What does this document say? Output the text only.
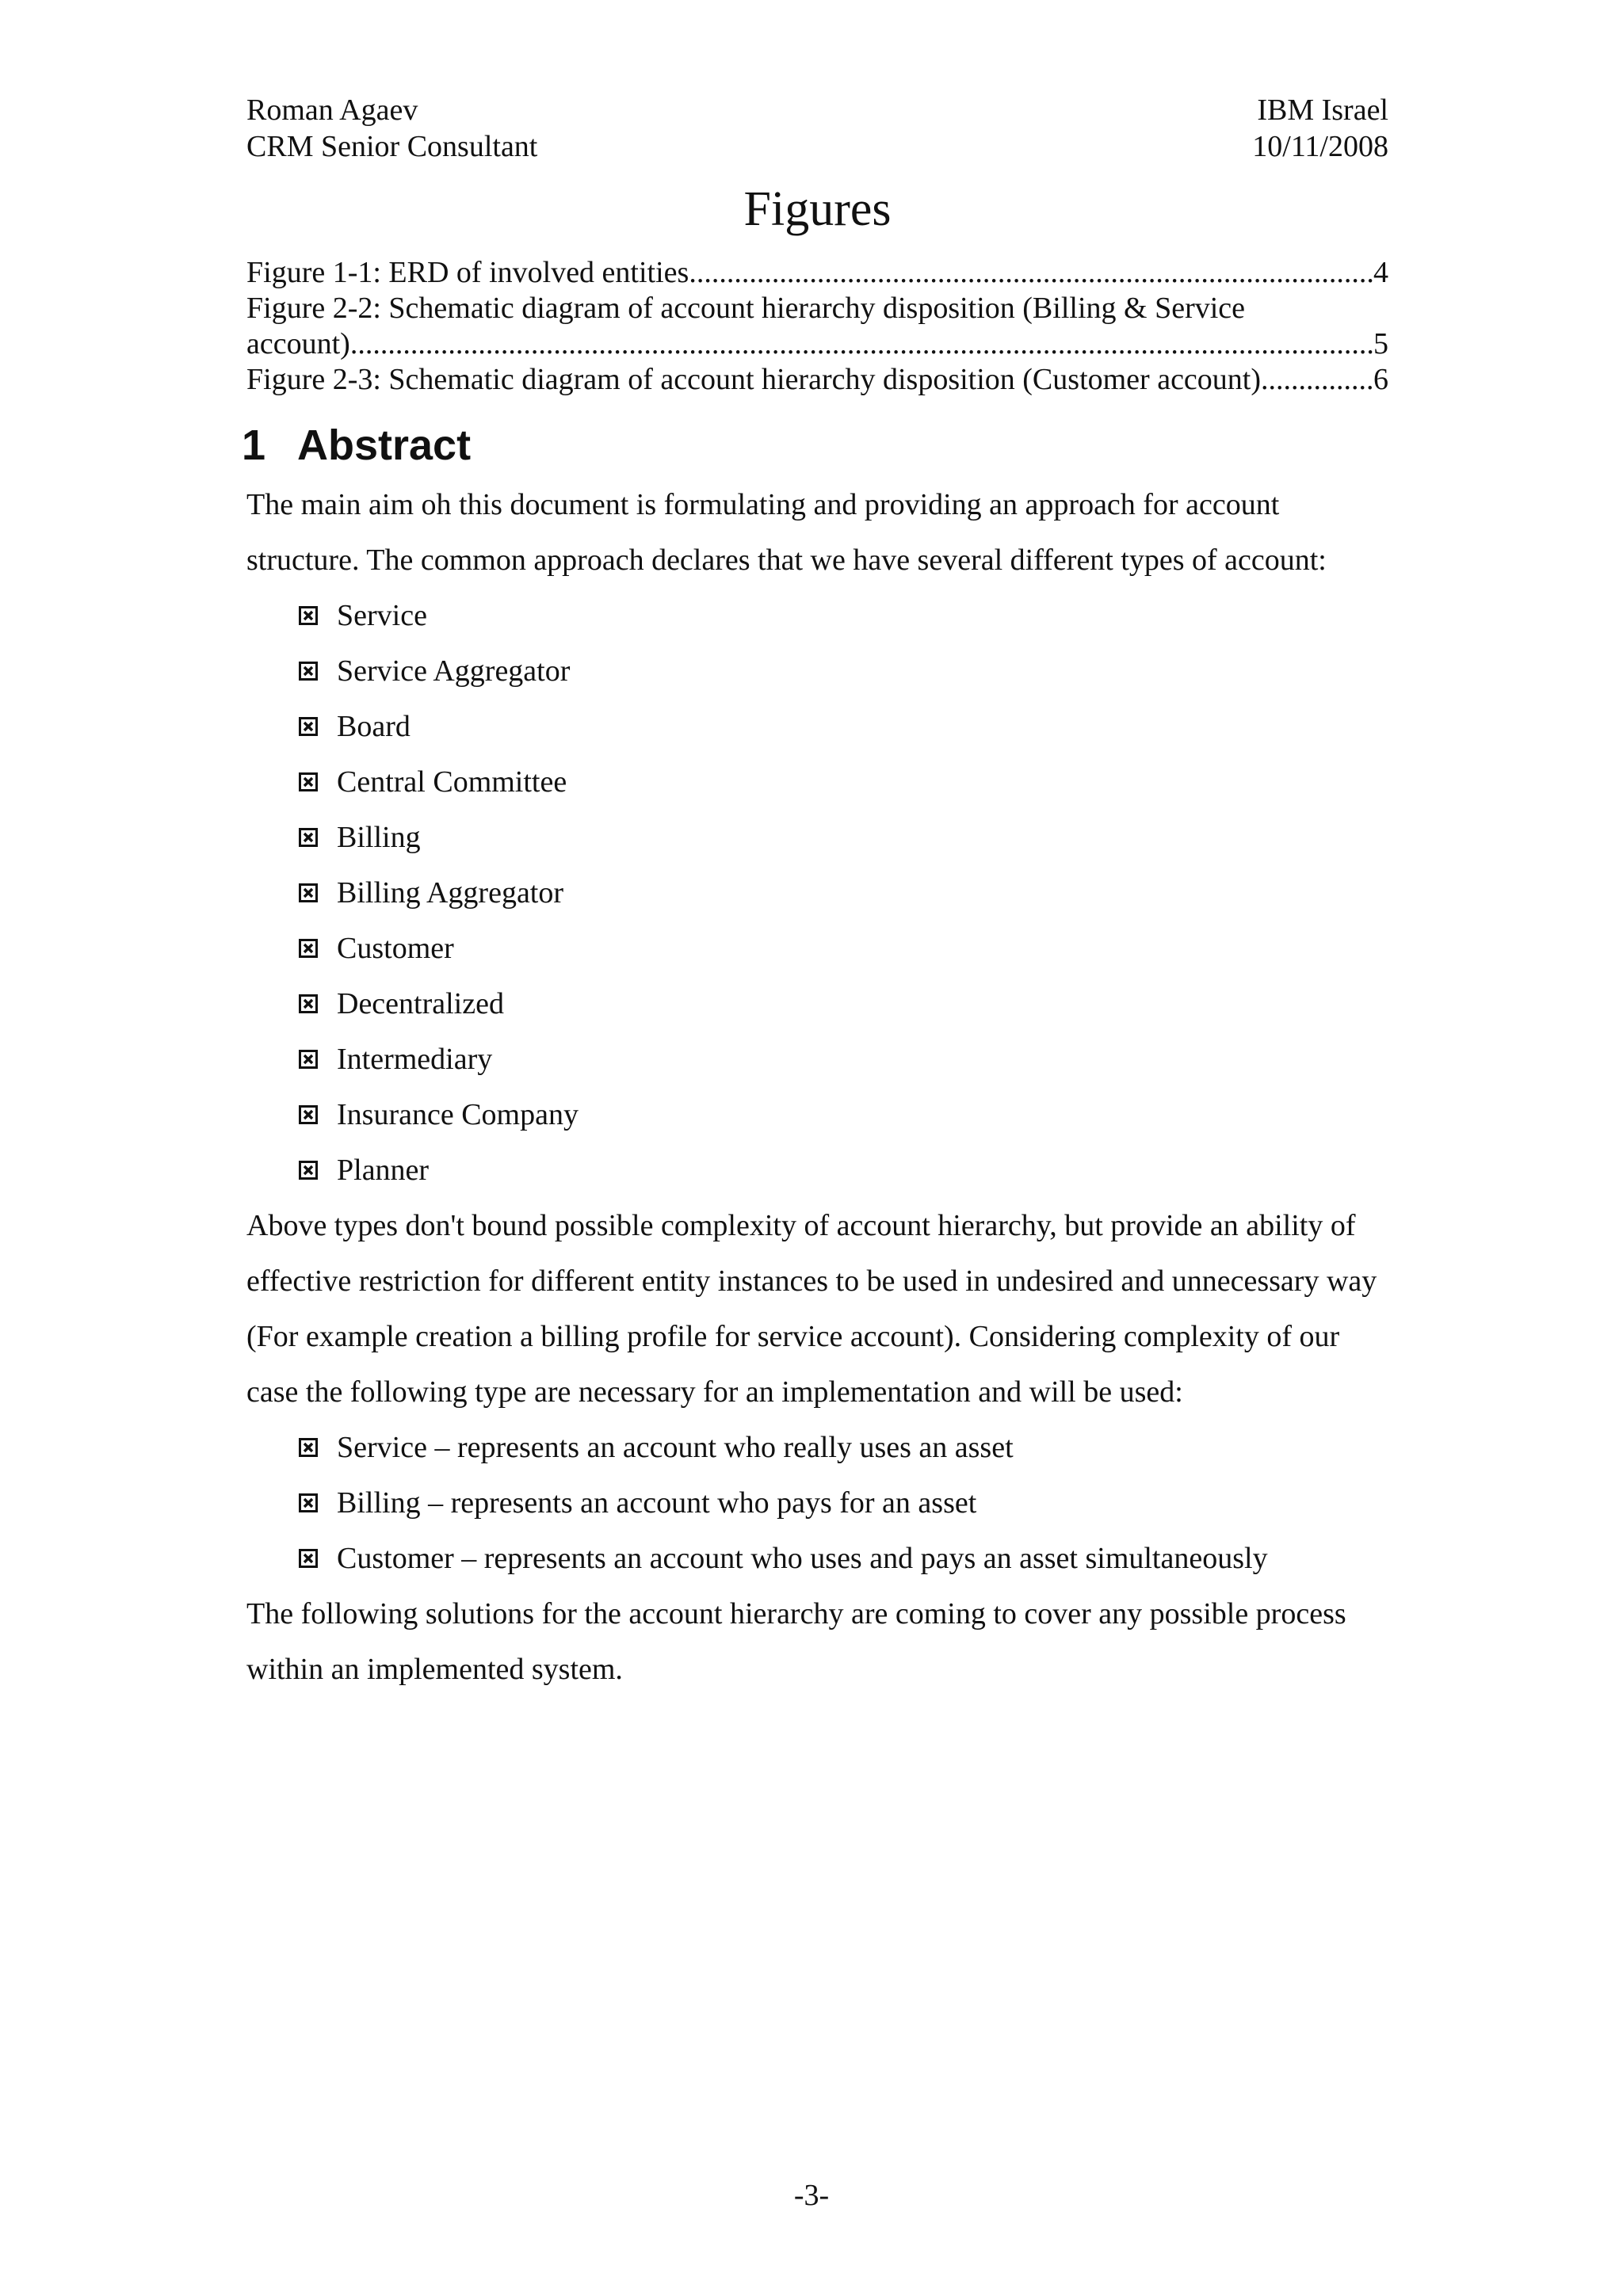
Roman Agaev
CRM Senior Consultant
IBM Israel
10/11/2008
Figures
Figure 1-1: ERD of involved entities .....	4
Figure 2-2: Schematic diagram of account hierarchy disposition (Billing & Service
account) .....	5
Figure 2-3: Schematic diagram of account hierarchy disposition (Customer account) .....	6
1 Abstract
The main aim oh this document is formulating and providing an approach for account structure. The common approach declares that we have several different types of account:
Service
Service Aggregator
Board
Central Committee
Billing
Billing Aggregator
Customer
Decentralized
Intermediary
Insurance Company
Planner
Above types don't bound possible complexity of account hierarchy, but provide an ability of effective restriction for different entity instances to be used in undesired and unnecessary way (For example creation a billing profile for service account). Considering complexity of our case the following type are necessary for an implementation and will be used:
Service – represents an account who really uses an asset
Billing – represents an account who pays for an asset
Customer – represents an account who uses and pays an asset simultaneously
The following solutions for the account hierarchy are coming to cover any possible process within an implemented system.
-3-
